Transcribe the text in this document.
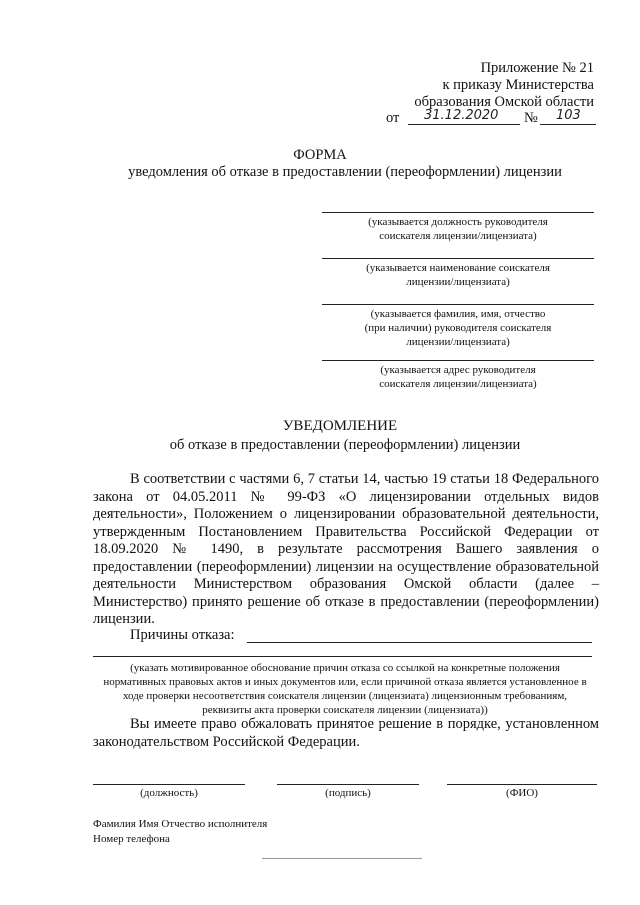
Приложение № 21
к приказу Министерства
образования Омской области
от 31.12.2020 № 103
ФОРМА
уведомления об отказе в предоставлении (переоформлении) лицензии
(указывается должность руководителя
соискателя лицензии/лицензиата)
(указывается наименование соискателя
лицензии/лицензиата)
(указывается фамилия, имя, отчество
(при наличии) руководителя соискателя
лицензии/лицензиата)
(указывается адрес руководителя
соискателя лицензии/лицензиата)
УВЕДОМЛЕНИЕ
об отказе в предоставлении (переоформлении) лицензии
В соответствии с частями 6, 7 статьи 14, частью 19 статьи 18 Федерального закона от 04.05.2011 № 99-ФЗ «О лицензировании отдельных видов деятельности», Положением о лицензировании образовательной деятельности, утвержденным Постановлением Правительства Российской Федерации от 18.09.2020 № 1490, в результате рассмотрения Вашего заявления о предоставлении (переоформлении) лицензии на осуществление образовательной деятельности Министерством образования Омской области (далее – Министерство) принято решение об отказе в предоставлении (переоформлении) лицензии.
Причины отказа:
(указать мотивированное обоснование причин отказа со ссылкой на конкретные положения нормативных правовых актов и иных документов или, если причиной отказа является установленное в ходе проверки несоответствия соискателя лицензии (лицензиата) лицензионным требованиям, реквизиты акта проверки соискателя лицензии (лицензиата))
Вы имеете право обжаловать принятое решение в порядке, установленном законодательством Российской Федерации.
(должность)	(подпись)	(ФИО)
Фамилия Имя Отчество исполнителя
Номер телефона
